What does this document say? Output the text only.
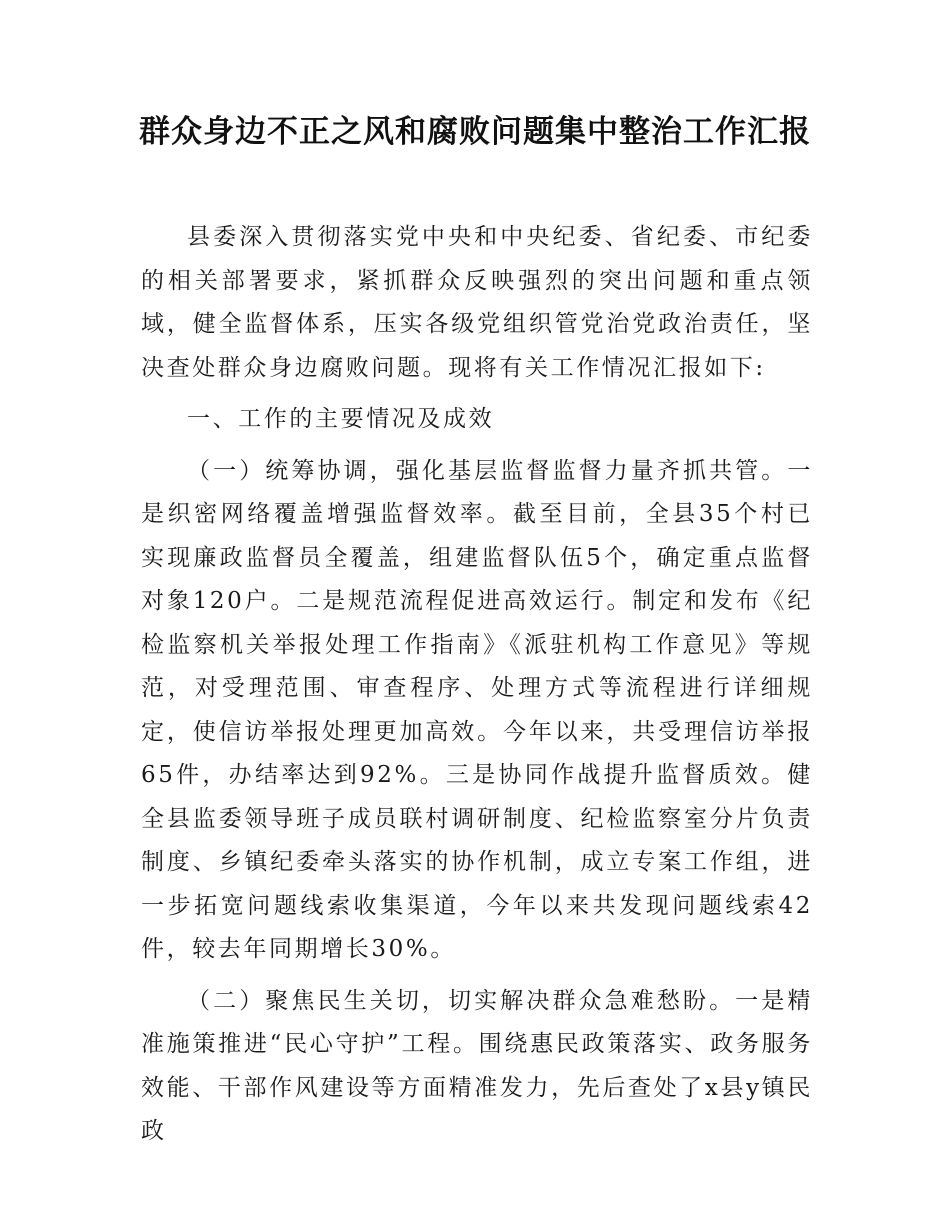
群众身边不正之风和腐败问题集中整治工作汇报

县委深入贯彻落实党中央和中央纪委、省纪委、市纪委的相关部署要求，紧抓群众反映强烈的突出问题和重点领域，健全监督体系，压实各级党组织管党治党政治责任，坚决查处群众身边腐败问题。现将有关工作情况汇报如下:

一、工作的主要情况及成效

（一）统筹协调，强化基层监督监督力量齐抓共管。一是织密网络覆盖增强监督效率。截至目前，全县35个村已实现廉政监督员全覆盖，组建监督队伍5个，确定重点监督对象120户。二是规范流程促进高效运行。制定和发布《纪检监察机关举报处理工作指南》《派驻机构工作意见》等规范，对受理范围、审查程序、处理方式等流程进行详细规定，使信访举报处理更加高效。今年以来，共受理信访举报65件，办结率达到92%。三是协同作战提升监督质效。健全县监委领导班子成员联村调研制度、纪检监察室分片负责制度、乡镇纪委牵头落实的协作机制，成立专案工作组，进一步拓宽问题线索收集渠道，今年以来共发现问题线索42件，较去年同期增长30%。

（二）聚焦民生关切，切实解决群众急难愁盼。一是精准施策推进“民心守护”工程。围绕惠民政策落实、政务服务效能、干部作风建设等方面精准发力，先后查处了x县y镇民政
